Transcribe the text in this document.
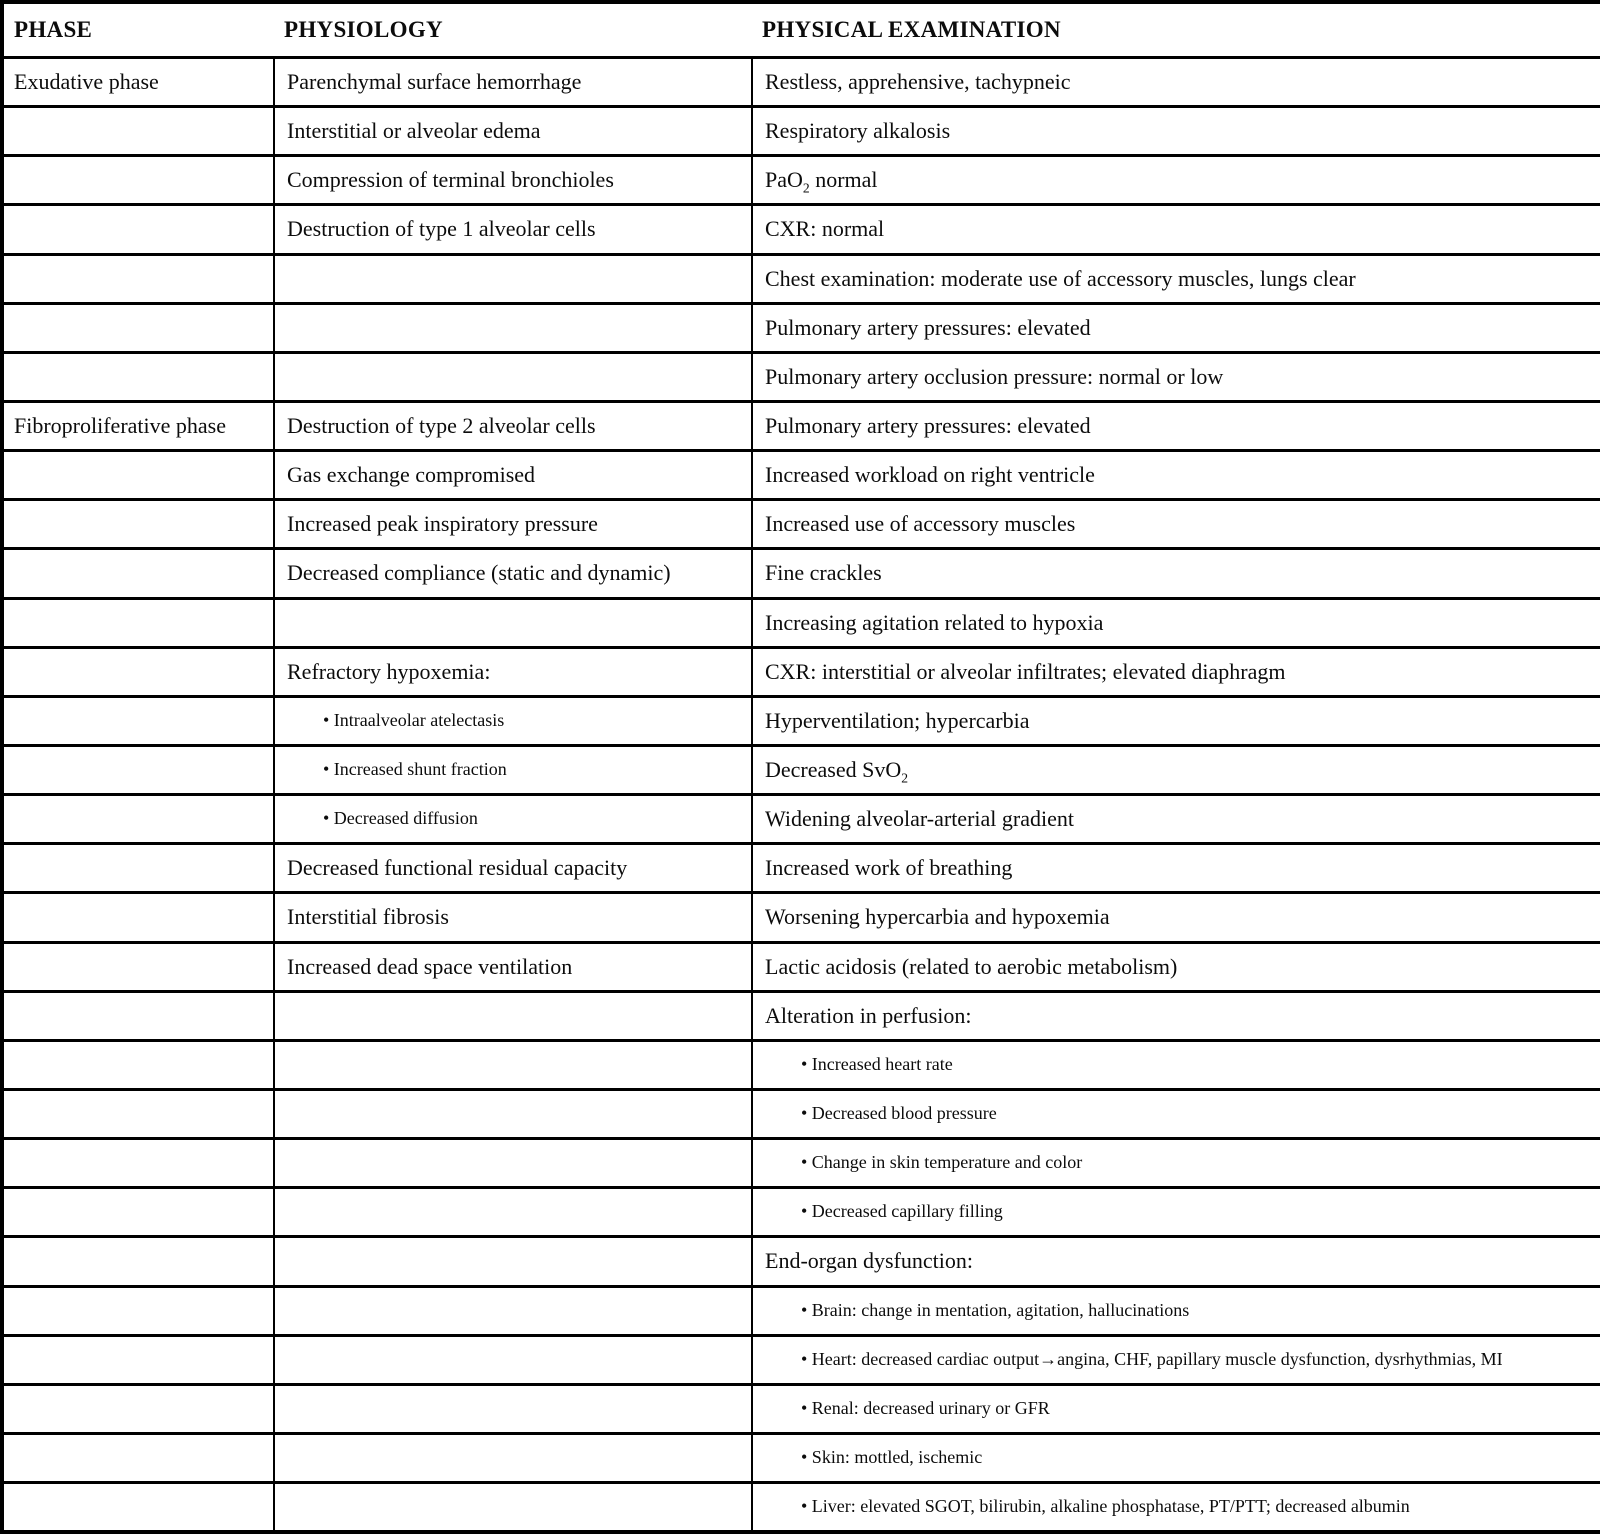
PHASE	PHYSIOLOGY	PHYSICAL EXAMINATION
Exudative phase	Parenchymal surface hemorrhage	Restless, apprehensive, tachypneic
	Interstitial or alveolar edema	Respiratory alkalosis
	Compression of terminal bronchioles	PaO$_2$ normal
	Destruction of type 1 alveolar cells	CXR: normal
		Chest examination: moderate use of accessory muscles, lungs clear
		Pulmonary artery pressures: elevated
		Pulmonary artery occlusion pressure: normal or low
Fibroproliferative phase	Destruction of type 2 alveolar cells	Pulmonary artery pressures: elevated
	Gas exchange compromised	Increased workload on right ventricle
	Increased peak inspiratory pressure	Increased use of accessory muscles
	Decreased compliance (static and dynamic)	Fine crackles
		Increasing agitation related to hypoxia
	Refractory hypoxemia:	CXR: interstitial or alveolar infiltrates; elevated diaphragm
	• Intraalveolar atelectasis	Hyperventilation; hypercarbia
	• Increased shunt fraction	Decreased SvO$_2$
	• Decreased diffusion	Widening alveolar-arterial gradient
	Decreased functional residual capacity	Increased work of breathing
	Interstitial fibrosis	Worsening hypercarbia and hypoxemia
	Increased dead space ventilation	Lactic acidosis (related to aerobic metabolism)
		Alteration in perfusion:
		• Increased heart rate
		• Decreased blood pressure
		• Change in skin temperature and color
		• Decreased capillary filling
		End-organ dysfunction:
		• Brain: change in mentation, agitation, hallucinations
		• Heart: decreased cardiac output→angina, CHF, papillary muscle dysfunction, dysrhythmias, MI
		• Renal: decreased urinary or GFR
		• Skin: mottled, ischemic
		• Liver: elevated SGOT, bilirubin, alkaline phosphatase, PT/PTT; decreased albumin
